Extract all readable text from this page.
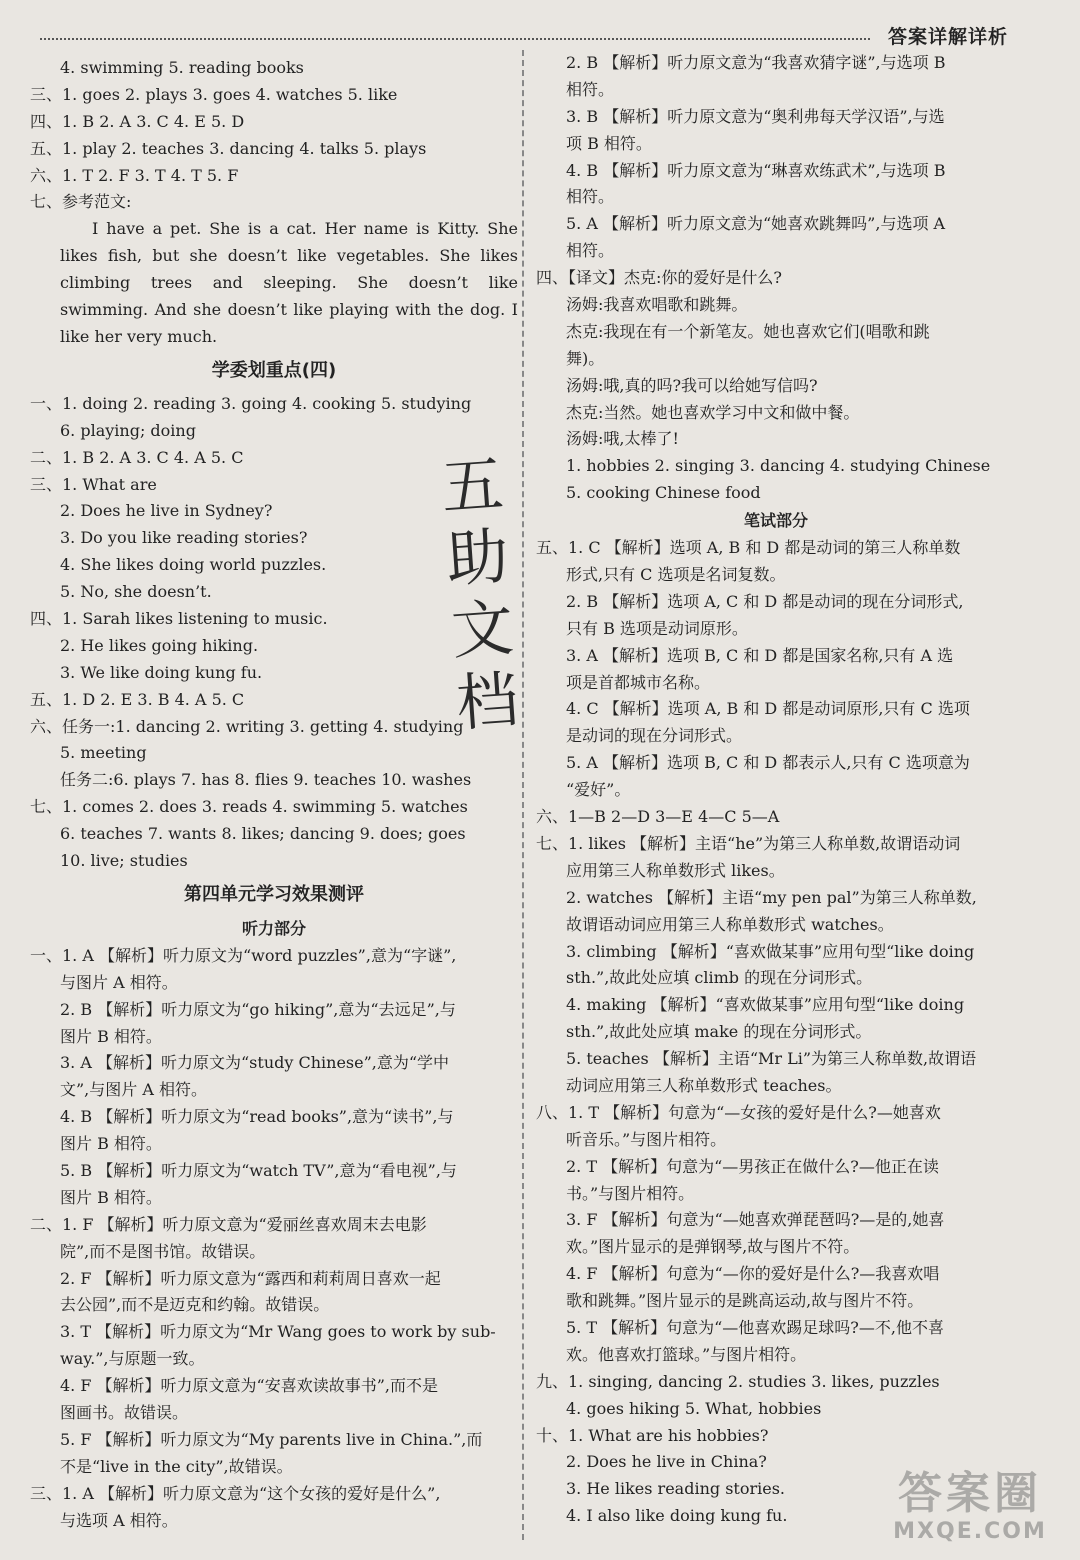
答案详解详析
4. swimming 5. reading books
三、1. goes 2. plays 3. goes 4. watches 5. like
四、1. B 2. A 3. C 4. E 5. D
五、1. play 2. teaches 3. dancing 4. talks 5. plays
六、1. T 2. F 3. T 4. T 5. F
七、参考范文:
I have a pet. She is a cat. Her name is Kitty. She likes fish, but she doesn’t like vegetables. She likes climbing trees and sleeping. She doesn’t like swimming. And she doesn’t like playing with the dog. I like her very much.
学委划重点(四)
一、1. doing 2. reading 3. going 4. cooking 5. studying
6. playing; doing
二、1. B 2. A 3. C 4. A 5. C
三、1. What are
2. Does he live in Sydney?
3. Do you like reading stories?
4. She likes doing world puzzles.
5. No, she doesn’t.
四、1. Sarah likes listening to music.
2. He likes going hiking.
3. We like doing kung fu.
五、1. D 2. E 3. B 4. A 5. C
六、任务一:1. dancing 2. writing 3. getting 4. studying
5. meeting
任务二:6. plays 7. has 8. flies 9. teaches 10. washes
七、1. comes 2. does 3. reads 4. swimming 5. watches
6. teaches 7. wants 8. likes; dancing 9. does; goes
10. live; studies
第四单元学习效果测评
听力部分
一、1. A 【解析】听力原文为“word puzzles”,意为“字谜”,
与图片 A 相符。
2. B 【解析】听力原文为“go hiking”,意为“去远足”,与
图片 B 相符。
3. A 【解析】听力原文为“study Chinese”,意为“学中
文”,与图片 A 相符。
4. B 【解析】听力原文为“read books”,意为“读书”,与
图片 B 相符。
5. B 【解析】听力原文为“watch TV”,意为“看电视”,与
图片 B 相符。
二、1. F 【解析】听力原文意为“爱丽丝喜欢周末去电影
院”,而不是图书馆。故错误。
2. F 【解析】听力原文意为“露西和莉莉周日喜欢一起
去公园”,而不是迈克和约翰。故错误。
3. T 【解析】听力原文为“Mr Wang goes to work by sub-
way.”,与原题一致。
4. F 【解析】听力原文意为“安喜欢读故事书”,而不是
图画书。故错误。
5. F 【解析】听力原文为“My parents live in China.”,而
不是“live in the city”,故错误。
三、1. A 【解析】听力原文意为“这个女孩的爱好是什么”,
与选项 A 相符。
2. B 【解析】听力原文意为“我喜欢猜字谜”,与选项 B
相符。
3. B 【解析】听力原文意为“奥利弗每天学汉语”,与选
项 B 相符。
4. B 【解析】听力原文意为“琳喜欢练武术”,与选项 B
相符。
5. A 【解析】听力原文意为“她喜欢跳舞吗”,与选项 A
相符。
四、【译文】杰克:你的爱好是什么?
汤姆:我喜欢唱歌和跳舞。
杰克:我现在有一个新笔友。她也喜欢它们(唱歌和跳
舞)。
汤姆:哦,真的吗?我可以给她写信吗?
杰克:当然。她也喜欢学习中文和做中餐。
汤姆:哦,太棒了!
1. hobbies 2. singing 3. dancing 4. studying Chinese
5. cooking Chinese food
笔试部分
五、1. C 【解析】选项 A, B 和 D 都是动词的第三人称单数
形式,只有 C 选项是名词复数。
2. B 【解析】选项 A, C 和 D 都是动词的现在分词形式,
只有 B 选项是动词原形。
3. A 【解析】选项 B, C 和 D 都是国家名称,只有 A 选
项是首都城市名称。
4. C 【解析】选项 A, B 和 D 都是动词原形,只有 C 选项
是动词的现在分词形式。
5. A 【解析】选项 B, C 和 D 都表示人,只有 C 选项意为
“爱好”。
六、1—B 2—D 3—E 4—C 5—A
七、1. likes 【解析】主语“he”为第三人称单数,故谓语动词
应用第三人称单数形式 likes。
2. watches 【解析】主语“my pen pal”为第三人称单数,
故谓语动词应用第三人称单数形式 watches。
3. climbing 【解析】“喜欢做某事”应用句型“like doing
sth.”,故此处应填 climb 的现在分词形式。
4. making 【解析】“喜欢做某事”应用句型“like doing
sth.”,故此处应填 make 的现在分词形式。
5. teaches 【解析】主语“Mr Li”为第三人称单数,故谓语
动词应用第三人称单数形式 teaches。
八、1. T 【解析】句意为“—女孩的爱好是什么?—她喜欢
听音乐。”与图片相符。
2. T 【解析】句意为“—男孩正在做什么?—他正在读
书。”与图片相符。
3. F 【解析】句意为“—她喜欢弹琵琶吗?—是的,她喜
欢。”图片显示的是弹钢琴,故与图片不符。
4. F 【解析】句意为“—你的爱好是什么?—我喜欢唱
歌和跳舞。”图片显示的是跳高运动,故与图片不符。
5. T 【解析】句意为“—他喜欢踢足球吗?—不,他不喜
欢。他喜欢打篮球。”与图片相符。
九、1. singing, dancing 2. studies 3. likes, puzzles
4. goes hiking 5. What, hobbies
十、1. What are his hobbies?
2. Does he live in China?
3. He likes reading stories.
4. I also like doing kung fu.
五
助
文
档
答案圈
MXQE.COM
